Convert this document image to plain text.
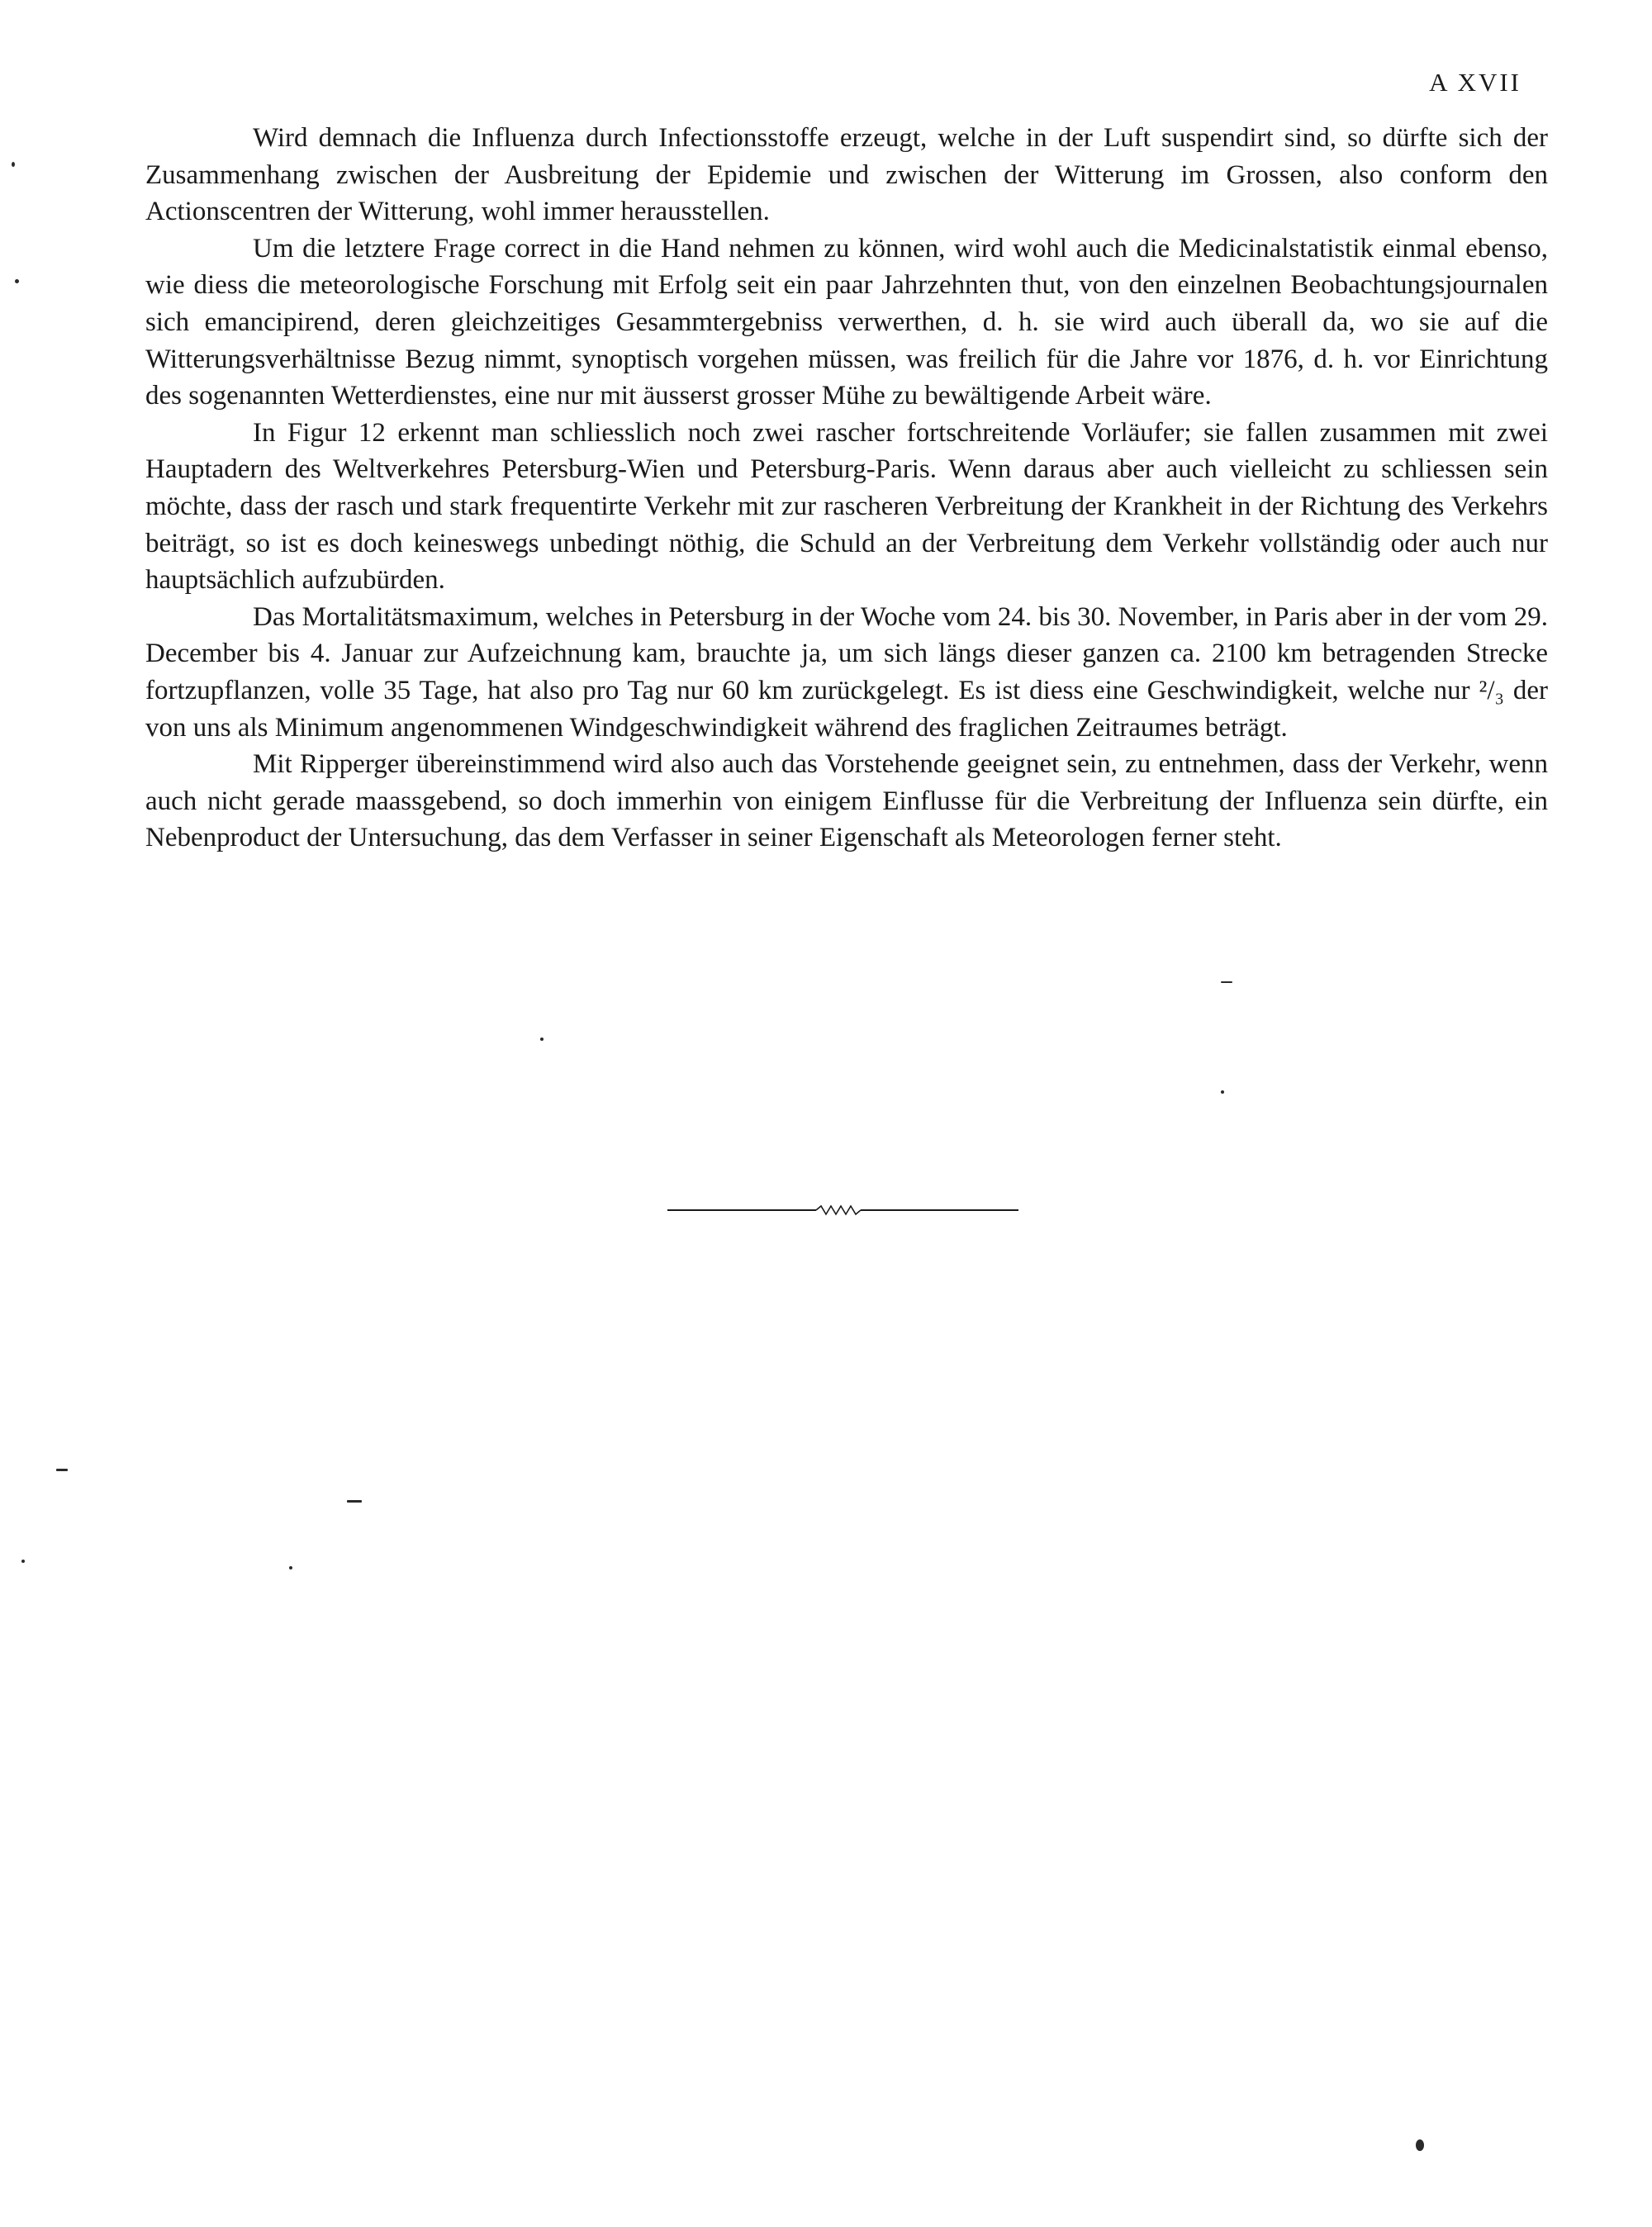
A XVII

Wird demnach die Influenza durch Infectionsstoffe erzeugt, welche in der Luft suspendirt sind, so dürfte sich der Zusammenhang zwischen der Ausbreitung der Epidemie und zwischen der Witterung im Grossen, also conform den Actionscentren der Witterung, wohl immer herausstellen.

Um die letztere Frage correct in die Hand nehmen zu können, wird wohl auch die Medicinalstatistik einmal ebenso, wie diess die meteorologische Forschung mit Erfolg seit ein paar Jahrzehnten thut, von den einzelnen Beobachtungsjournalen sich emancipirend, deren gleichzeitiges Gesammtergebniss verwerthen, d. h. sie wird auch überall da, wo sie auf die Witterungsverhältnisse Bezug nimmt, synoptisch vorgehen müssen, was freilich für die Jahre vor 1876, d. h. vor Einrichtung des sogenannten Wetterdienstes, eine nur mit äusserst grosser Mühe zu bewältigende Arbeit wäre.

In Figur 12 erkennt man schliesslich noch zwei rascher fortschreitende Vorläufer; sie fallen zusammen mit zwei Hauptadern des Weltverkehres Petersburg-Wien und Petersburg-Paris. Wenn daraus aber auch vielleicht zu schliessen sein möchte, dass der rasch und stark frequentirte Verkehr mit zur rascheren Verbreitung der Krankheit in der Richtung des Verkehrs beiträgt, so ist es doch keineswegs unbedingt nöthig, die Schuld an der Verbreitung dem Verkehr vollständig oder auch nur hauptsächlich aufzubürden.

Das Mortalitätsmaximum, welches in Petersburg in der Woche vom 24. bis 30. November, in Paris aber in der vom 29. December bis 4. Januar zur Aufzeichnung kam, brauchte ja, um sich längs dieser ganzen ca. 2100 km betragenden Strecke fortzupflanzen, volle 35 Tage, hat also pro Tag nur 60 km zurückgelegt. Es ist diess eine Geschwindigkeit, welche nur ²/₃ der von uns als Minimum angenommenen Windgeschwindigkeit während des fraglichen Zeitraumes beträgt.

Mit Ripperger übereinstimmend wird also auch das Vorstehende geeignet sein, zu entnehmen, dass der Verkehr, wenn auch nicht gerade maassgebend, so doch immerhin von einigem Einflusse für die Verbreitung der Influenza sein dürfte, ein Nebenproduct der Untersuchung, das dem Verfasser in seiner Eigenschaft als Meteorologen ferner steht.
